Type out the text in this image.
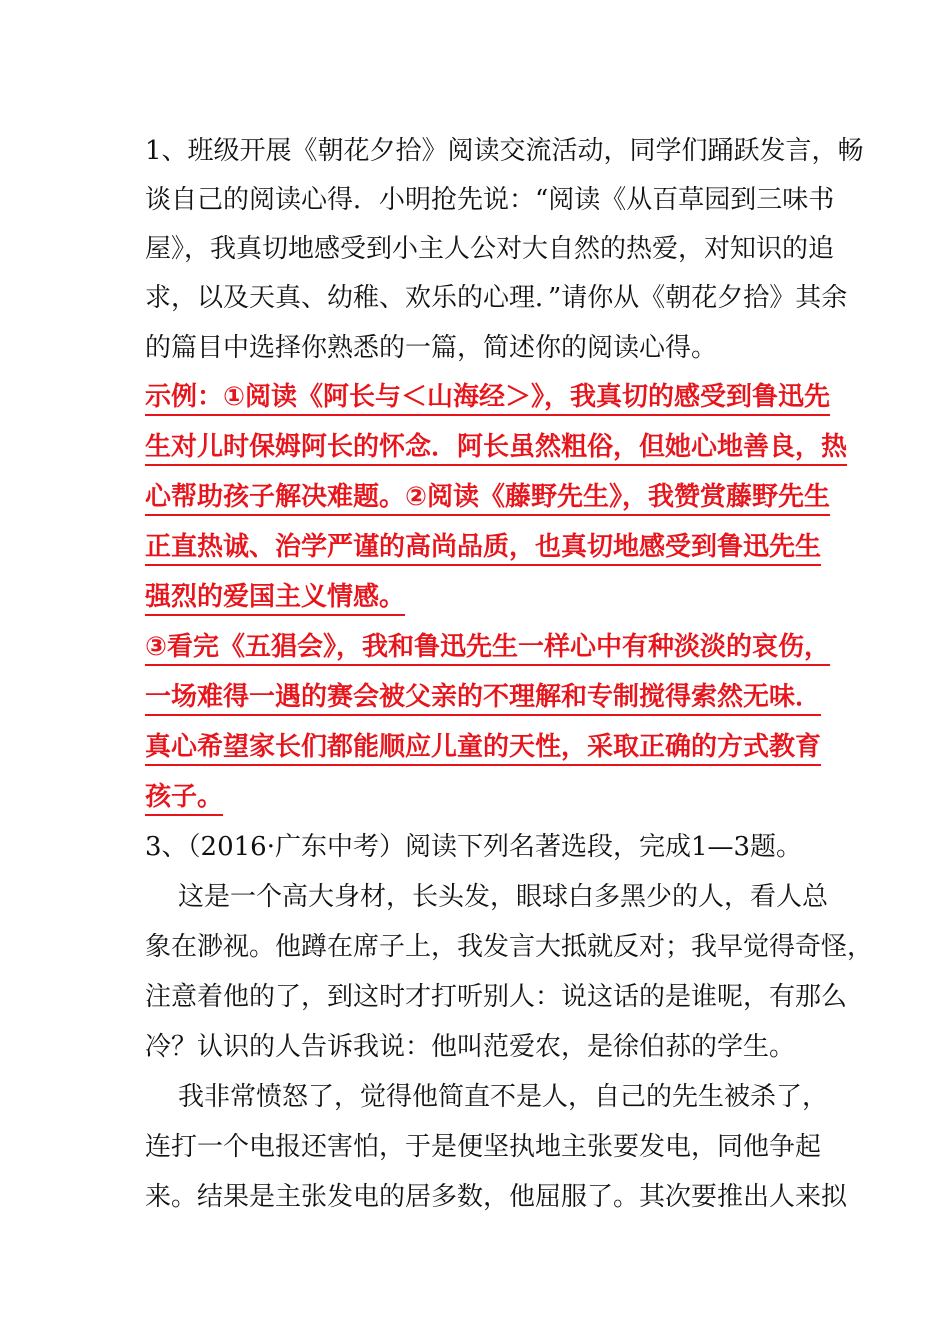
1、班级开展《朝花夕拾》阅读交流活动，同学们踊跃发言，畅
谈自己的阅读心得．小明抢先说：“阅读《从百草园到三味书
屋》，我真切地感受到小主人公对大自然的热爱，对知识的追
求，以及天真、幼稚、欢乐的心理．”请你从《朝花夕拾》其余
的篇目中选择你熟悉的一篇，简述你的阅读心得。
示例：①阅读《阿长与＜山海经＞》，我真切的感受到鲁迅先
生对儿时保姆阿长的怀念．阿长虽然粗俗，但她心地善良，热
心帮助孩子解决难题。②阅读《藤野先生》，我赞赏藤野先生
正直热诚、治学严谨的高尚品质，也真切地感受到鲁迅先生
强烈的爱国主义情感。
③看完《五猖会》，我和鲁迅先生一样心中有种淡淡的哀伤，
一场难得一遇的赛会被父亲的不理解和专制搅得索然无味．
真心希望家长们都能顺应儿童的天性，采取正确的方式教育
孩子。
3、（2016·广东中考）阅读下列名著选段，完成1—3题。
这是一个高大身材，长头发，眼球白多黑少的人，看人总
象在渺视。他蹲在席子上，我发言大抵就反对；我早觉得奇怪，
注意着他的了，到这时才打听别人：说这话的是谁呢，有那么
冷？认识的人告诉我说：他叫范爱农，是徐伯荪的学生。
我非常愤怒了，觉得他简直不是人，自己的先生被杀了，
连打一个电报还害怕，于是便坚执地主张要发电，同他争起
来。结果是主张发电的居多数，他屈服了。其次要推出人来拟
